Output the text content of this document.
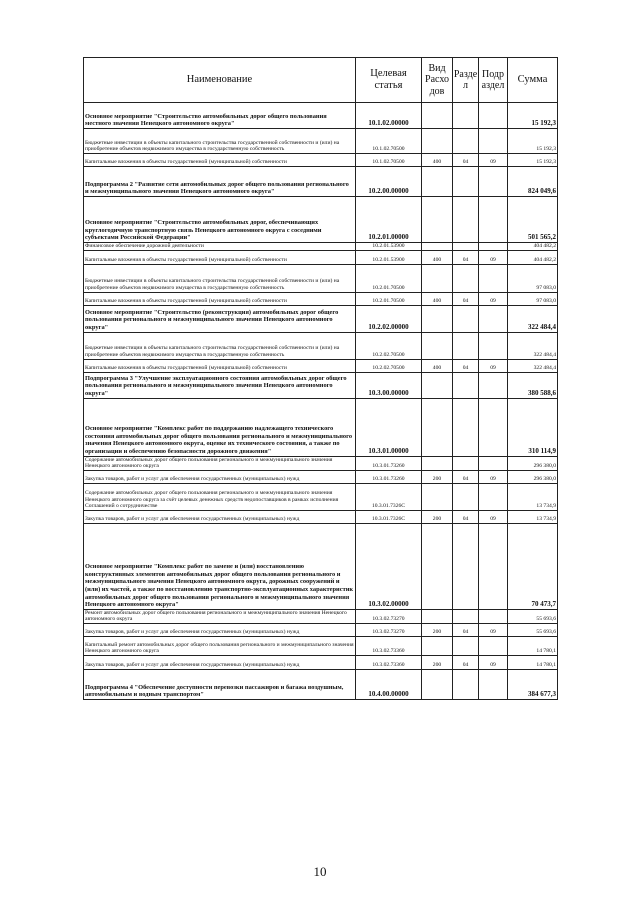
Наименование	Целевая статья	Вид Расхо дов	Разде л	Подр аздел	Сумма
Основное мероприятие "Строительство автомобильных дорог общего пользования местного значения Ненецкого автономного округа"	10.1.02.00000				15 192,3
Бюджетные инвестиции в объекты капитального строительства государственной собственности и (или) на приобретение объектов недвижимого имущества в государственную собственность	10.1.02.70500				15 192,3
Капитальные вложения в объекты государственной (муниципальной) собственности	10.1.02.70500	400	04	09	15 192,3
Подпрограмма 2 "Развитие сети автомобильных дорог общего пользования регионального и межмуниципального значения Ненецкого автономного округа"	10.2.00.00000				824 049,6
Основное мероприятие "Строительство автомобильных дорог, обеспечивающих круглогодичную транспортную связь Ненецкого автономного округа с соседними субъектами Российской Федерации"	10.2.01.00000				501 565,2
Финансовое обеспечение дорожной деятельности	10.2.01.53900				404 482,2
Капитальные вложения в объекты государственной (муниципальной) собственности	10.2.01.53900	400	04	09	404 482,2
Бюджетные инвестиции в объекты капитального строительства государственной собственности и (или) на приобретение объектов недвижимого имущества в государственную собственность	10.2.01.70500				97 083,0
Капитальные вложения в объекты государственной (муниципальной) собственности	10.2.01.70500	400	04	09	97 083,0
Основное мероприятие "Строительство (реконструкция) автомобильных дорог общего пользования регионального и межмуниципального значения Ненецкого автономного округа"	10.2.02.00000				322 484,4
Бюджетные инвестиции в объекты капитального строительства государственной собственности и (или) на приобретение объектов недвижимого имущества в государственную собственность	10.2.02.70500				322 484,4
Капитальные вложения в объекты государственной (муниципальной) собственности	10.2.02.70500	400	04	09	322 484,4
Подпрограмма 3 "Улучшение эксплуатационного состояния автомобильных дорог общего пользования регионального и межмуниципального значения Ненецкого автономного округа"	10.3.00.00000				380 588,6
Основное мероприятие "Комплекс работ по поддержанию надлежащего технического состояния автомобильных дорог общего пользования регионального и межмуниципального значения Ненецкого автономного округа, оценке их технического состояния, а также по организации и обеспечению безопасности дорожного движения"	10.3.01.00000				310 114,9
Содержание автомобильных дорог общего пользования регионального и межмуниципального значения Ненецкого автономного округа	10.3.01.73260				296 380,0
Закупка товаров, работ и услуг для обеспечения государственных (муниципальных) нужд	10.3.01.73260	200	04	09	296 380,0
Содержание автомобильных дорог общего пользования регионального и межмуниципального значения Ненецкого автономного округа за счёт целевых денежных средств недопоставщиков в рамках исполнения Соглашений о сотрудничестве	10.3.01.7326С				13 734,9
Закупка товаров, работ и услуг для обеспечения государственных (муниципальных) нужд	10.3.01.7326С	200	04	09	13 734,9
Основное мероприятие "Комплекс работ по замене и (или) восстановлению конструктивных элементов автомобильных дорог общего пользования регионального и межмуниципального значения Ненецкого автономного округа, дорожных сооружений и (или) их частей, а также по восстановлению транспортно-эксплуатационных характеристик автомобильных дорог общего пользования регионального и межмуниципального значения Ненецкого автономного округа"	10.3.02.00000				70 473,7
Ремонт автомобильных дорог общего пользования регионального и межмуниципального значения Ненецкого автономного округа	10.3.02.73270				55 693,6
Закупка товаров, работ и услуг для обеспечения государственных (муниципальных) нужд	10.3.02.73270	200	04	09	55 693,6
Капитальный ремонт автомобильных дорог общего пользования регионального и межмуниципального значения Ненецкого автономного округа	10.3.02.73360				14 780,1
Закупка товаров, работ и услуг для обеспечения государственных (муниципальных) нужд	10.3.02.73360	200	04	09	14 780,1
Подпрограмма 4 "Обеспечение доступности перевозки пассажиров и багажа воздушным, автомобильным и водным транспортом"	10.4.00.00000				384 677,3
10
